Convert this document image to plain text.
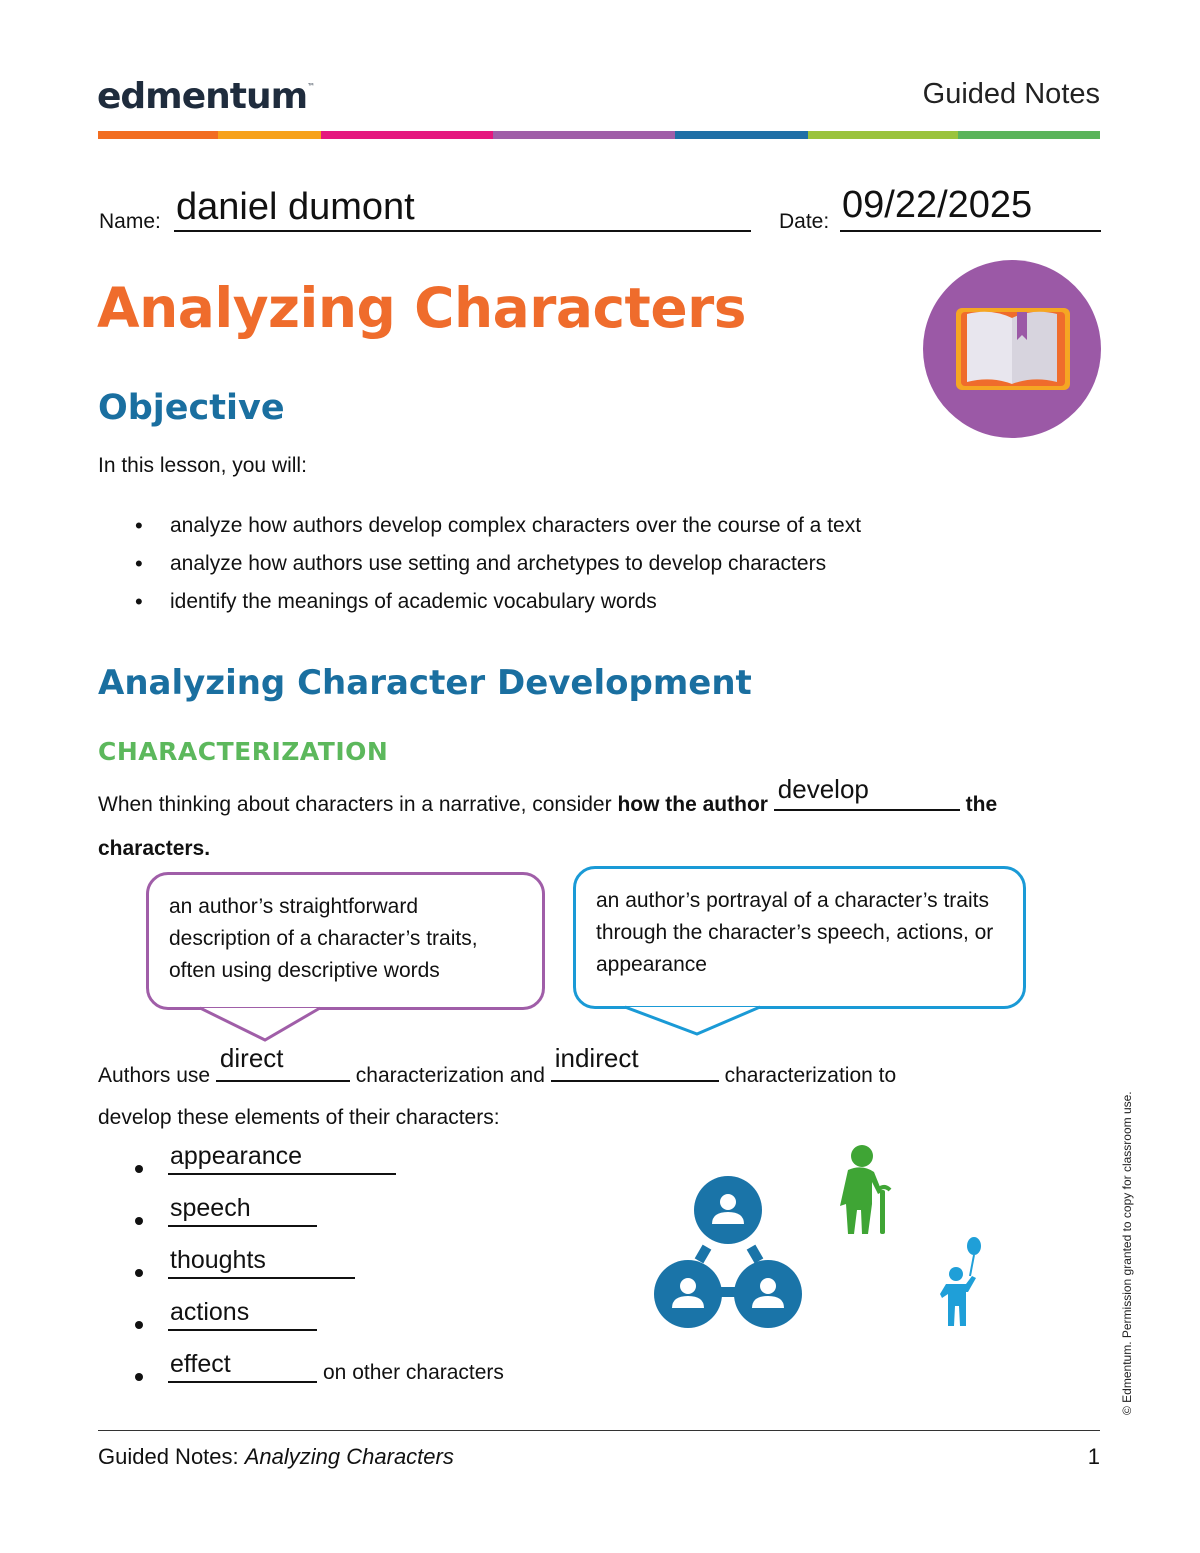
edmentum™	Guided Notes
Name: daniel dumont	Date: 09/22/2025
Analyzing Characters
Objective
In this lesson, you will:
• analyze how authors develop complex characters over the course of a text
• analyze how authors use setting and archetypes to develop characters
• identify the meanings of academic vocabulary words
Analyzing Character Development
CHARACTERIZATION
When thinking about characters in a narrative, consider how the author
develop
the
characters.
an author’s straightforward description of a character’s traits, often using descriptive words
an author’s portrayal of a character’s traits through the character’s speech, actions, or appearance
Authors use
direct
characterization and
indirect
characterization to
develop these elements of their characters:
appearance
speech
thoughts
actions
effect	on other characters
Guided Notes: Analyzing Characters	1
© Edmentum. Permission granted to copy for classroom use.
